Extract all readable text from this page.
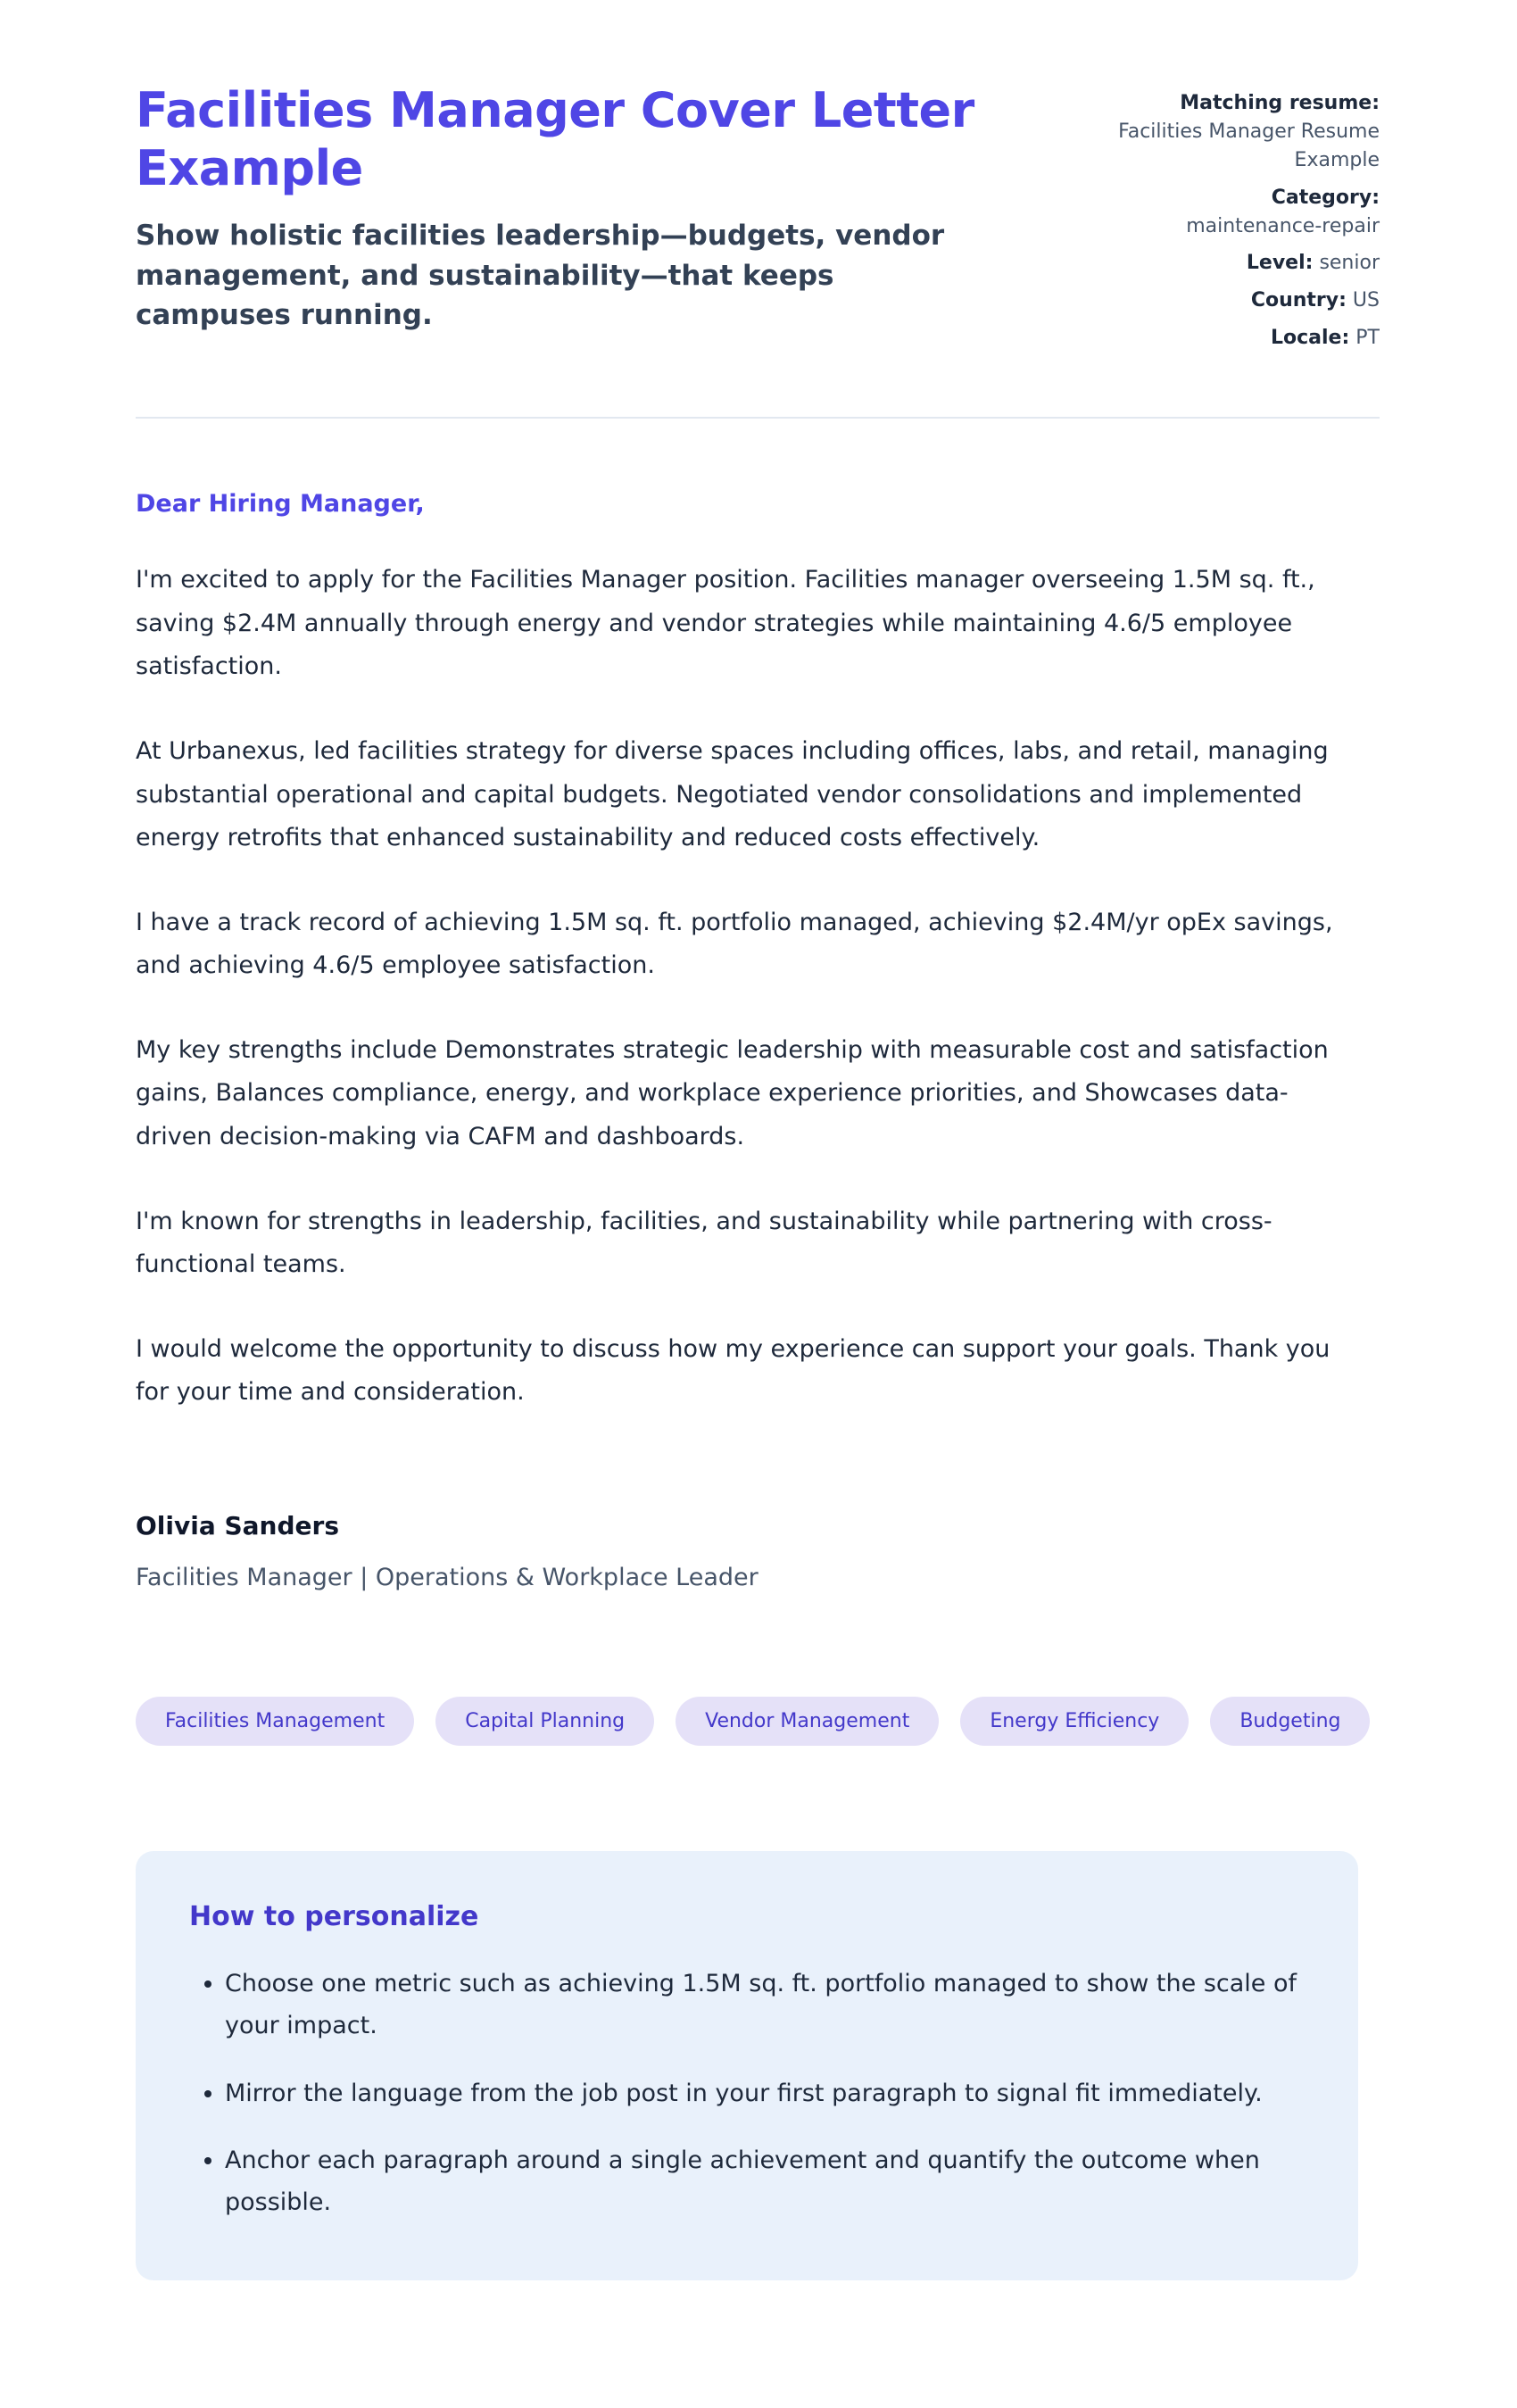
Facilities Manager Cover Letter Example
Show holistic facilities leadership—budgets, vendor management, and sustainability—that keeps campuses running.
Matching resume:
Facilities Manager Resume Example
Category:
maintenance-repair
Level: senior
Country: US
Locale: PT
Dear Hiring Manager,

I'm excited to apply for the Facilities Manager position. Facilities manager overseeing 1.5M sq. ft., saving $2.4M annually through energy and vendor strategies while maintaining 4.6/5 employee satisfaction.

At Urbanexus, led facilities strategy for diverse spaces including offices, labs, and retail, managing substantial operational and capital budgets. Negotiated vendor consolidations and implemented energy retrofits that enhanced sustainability and reduced costs effectively.

I have a track record of achieving 1.5M sq. ft. portfolio managed, achieving $2.4M/yr opEx savings, and achieving 4.6/5 employee satisfaction.

My key strengths include Demonstrates strategic leadership with measurable cost and satisfaction gains, Balances compliance, energy, and workplace experience priorities, and Showcases data-driven decision-making via CAFM and dashboards.

I'm known for strengths in leadership, facilities, and sustainability while partnering with cross-functional teams.

I would welcome the opportunity to discuss how my experience can support your goals. Thank you for your time and consideration.

Olivia Sanders
Facilities Manager | Operations & Workplace Leader
Facilities Management	Capital Planning	Vendor Management	Energy Efficiency	Budgeting
How to personalize
• Choose one metric such as achieving 1.5M sq. ft. portfolio managed to show the scale of your impact.
• Mirror the language from the job post in your first paragraph to signal fit immediately.
• Anchor each paragraph around a single achievement and quantify the outcome when possible.
